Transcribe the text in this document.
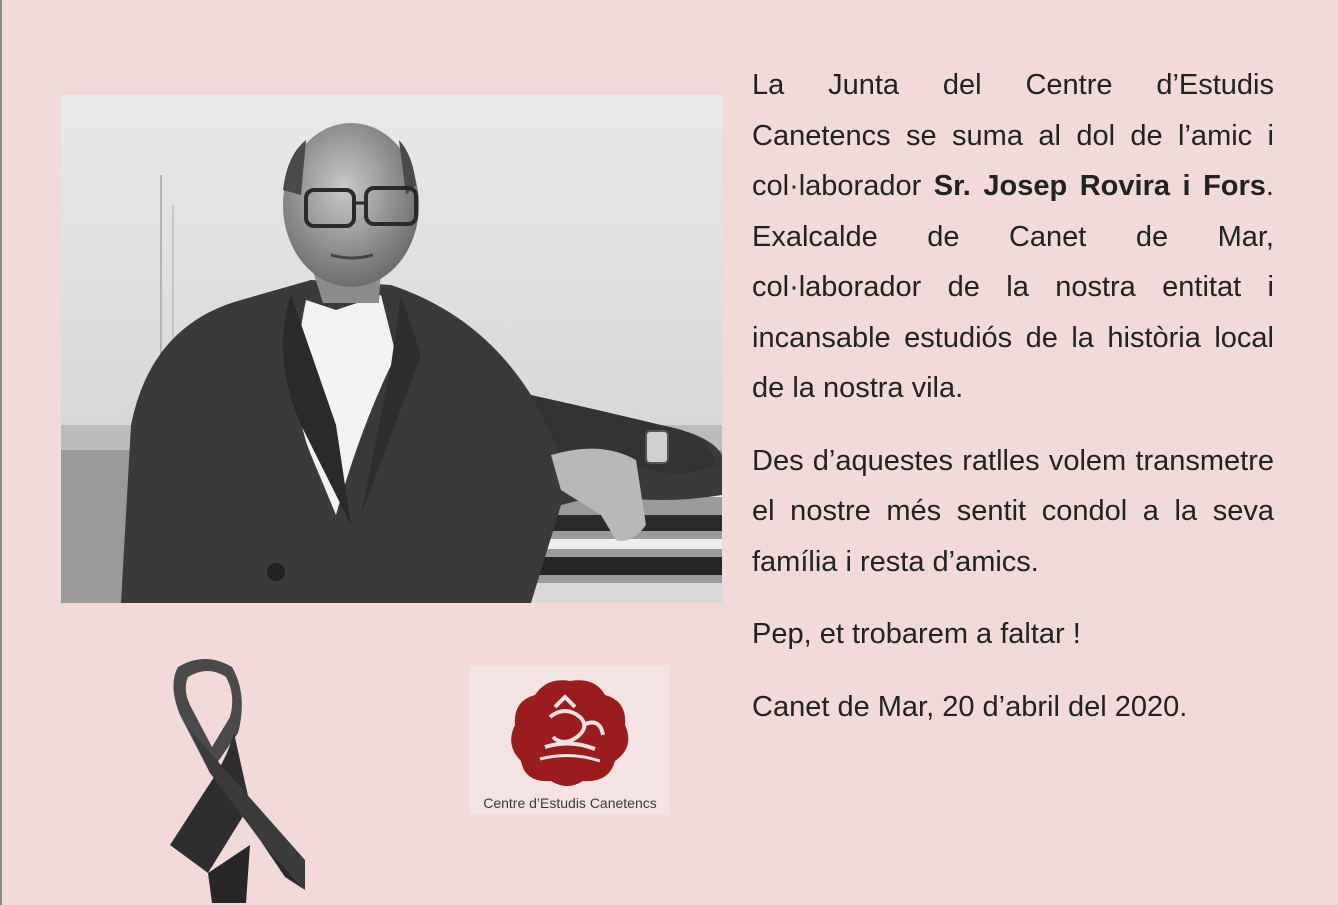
Centre d’Estudis Canetencs

La Junta del Centre d’Estudis Canetencs se suma al dol de l’amic i col·laborador Sr. Josep Rovira i Fors. Exalcalde de Canet de Mar, col·laborador de la nostra entitat i incansable estudiós de la història local de la nostra vila.

Des d’aquestes ratlles volem transmetre el nostre més sentit condol a la seva família i resta d’amics.

Pep, et trobarem a faltar !

Canet de Mar, 20 d’abril del 2020.
